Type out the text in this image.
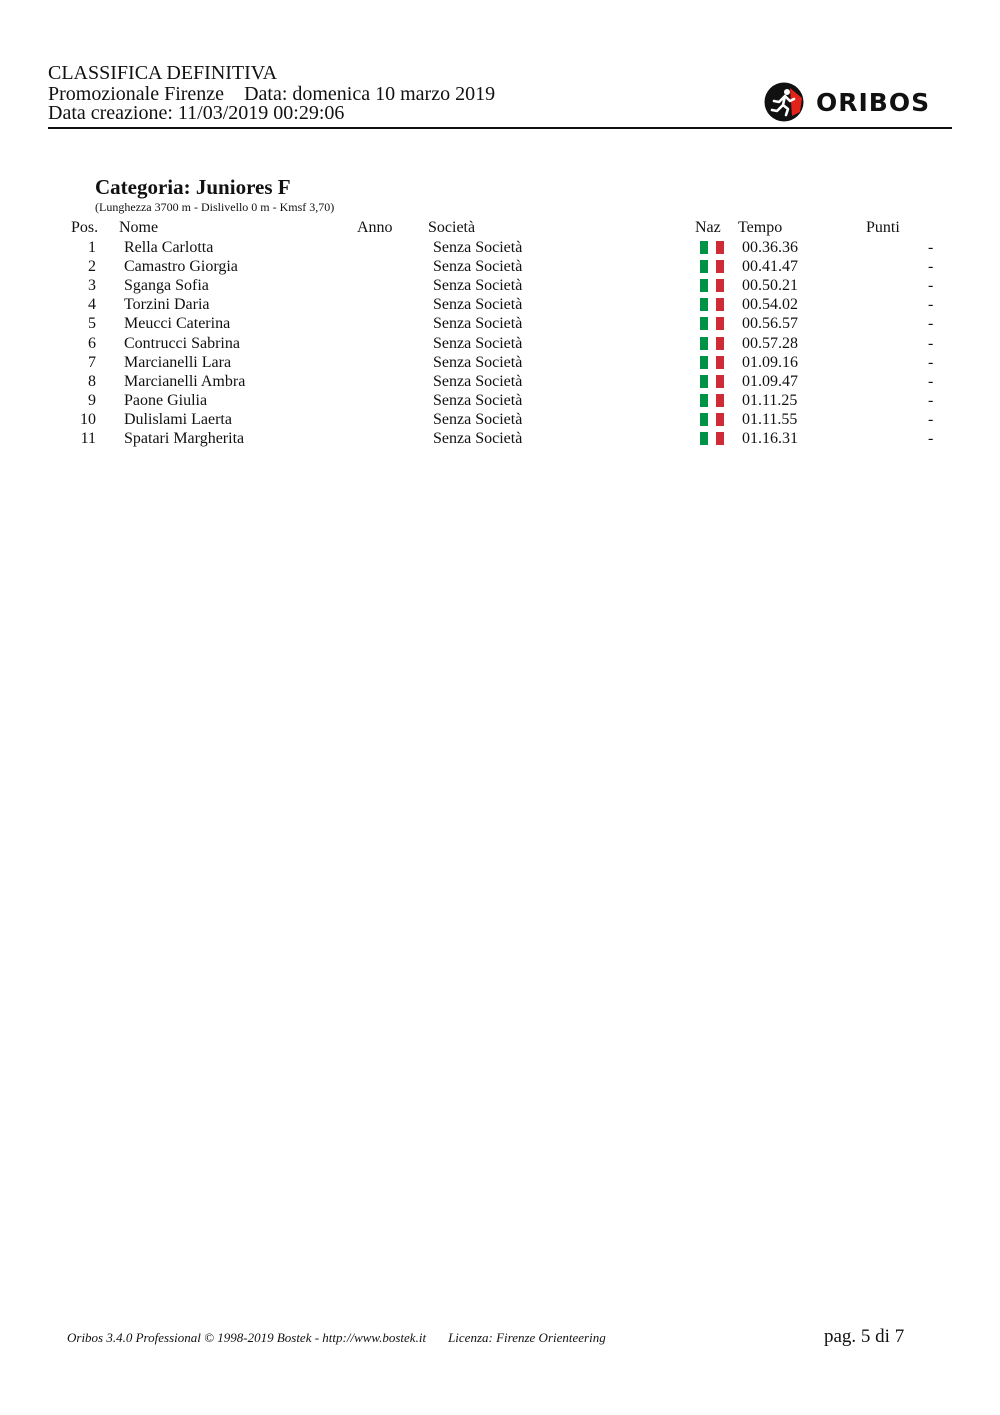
CLASSIFICA DEFINITIVA
Promozionale Firenze Data: domenica 10 marzo 2019
Data creazione: 11/03/2019 00:29:06	ORIBOS
Categoria: Juniores F
(Lunghezza 3700 m - Dislivello 0 m - Kmsf 3,70)
Pos. Nome	Anno Società	Naz Tempo	Punti
1 Rella Carlotta	Senza Società	00.36.36	-
2 Camastro Giorgia	Senza Società	00.41.47	-
3 Sganga Sofia	Senza Società	00.50.21	-
4 Torzini Daria	Senza Società	00.54.02	-
5 Meucci Caterina	Senza Società	00.56.57	-
6 Contrucci Sabrina	Senza Società	00.57.28	-
7 Marcianelli Lara	Senza Società	01.09.16	-
8 Marcianelli Ambra	Senza Società	01.09.47	-
9 Paone Giulia	Senza Società	01.11.25	-
10 Dulislami Laerta	Senza Società	01.11.55	-
11 Spatari Margherita	Senza Società	01.16.31	-
Oribos 3.4.0 Professional © 1998-2019 Bostek - http://www.bostek.it Licenza: Firenze Orienteering	pag. 5 di 7
